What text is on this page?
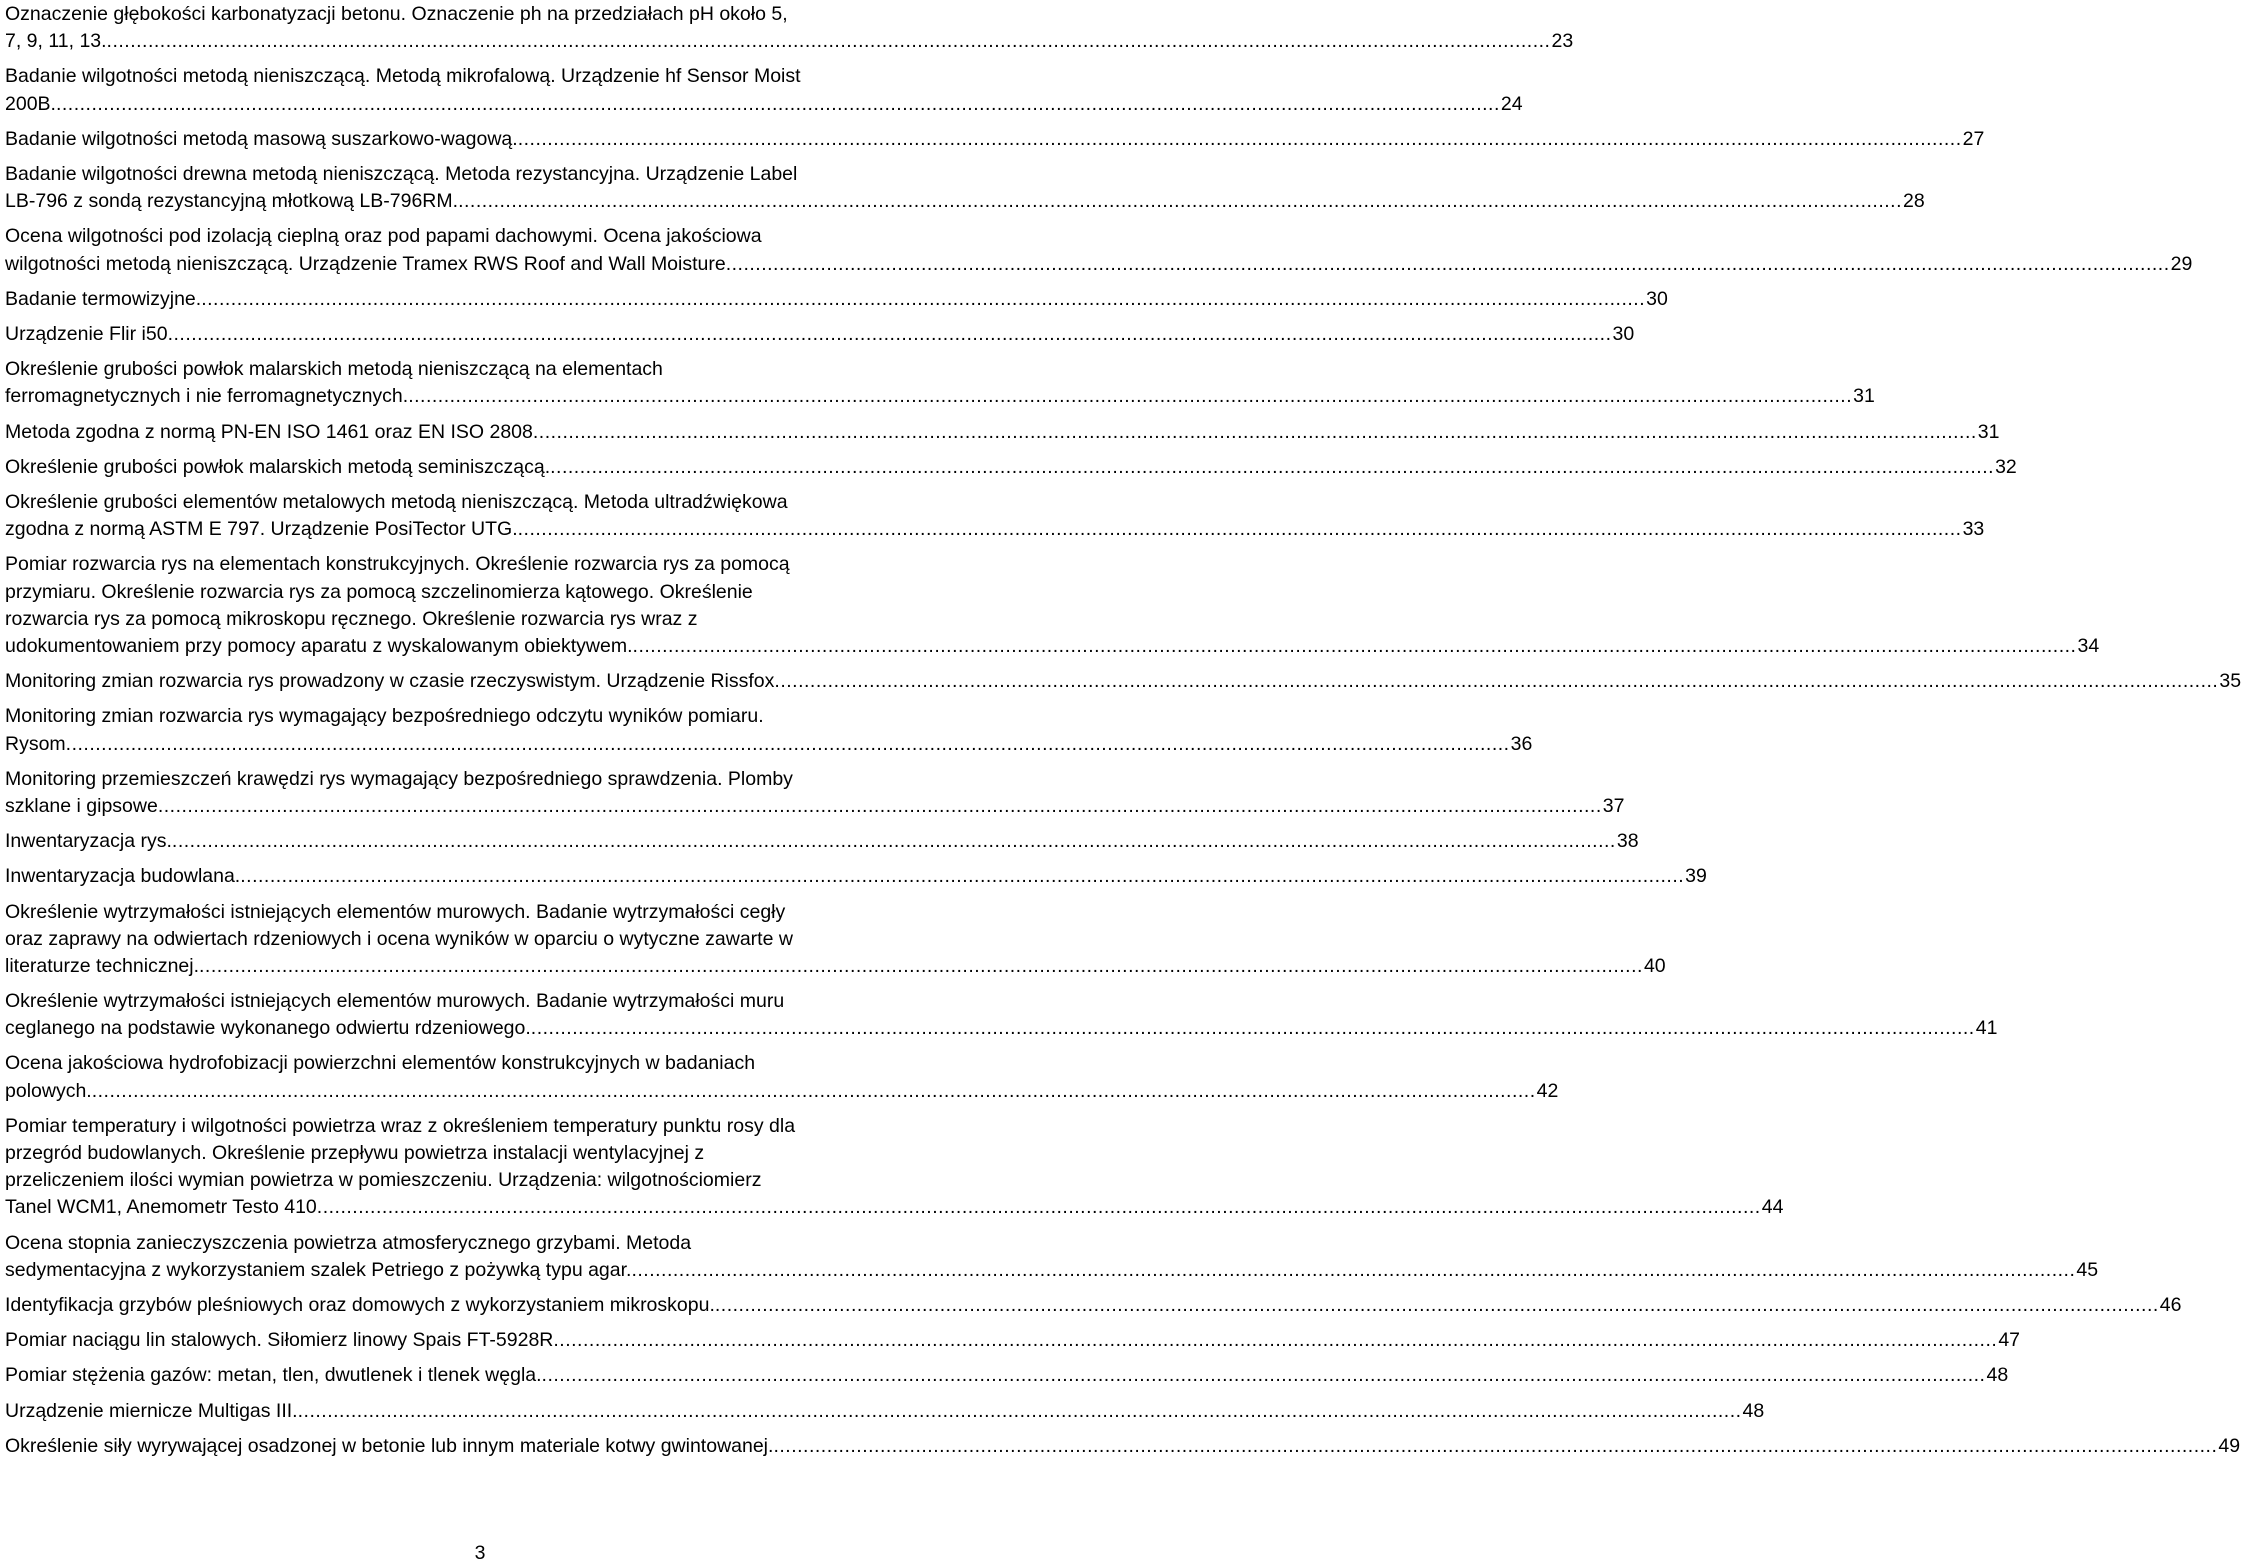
Oznaczenie głębokości karbonatyzacji betonu. Oznaczenie ph na przedziałach pH około 5,
7, 9, 11, 13. .....	23
Badanie wilgotności metodą nieniszczącą. Metodą mikrofalową. Urządzenie hf Sensor Moist
200B. .....	24
Badanie wilgotności metodą masową suszarkowo-wagową. .....	27
Badanie wilgotności drewna metodą nieniszczącą. Metoda rezystancyjna. Urządzenie Label
LB-796 z sondą rezystancyjną młotkową LB-796RM. .....	28
Ocena wilgotności pod izolacją cieplną oraz pod papami dachowymi. Ocena jakościowa
wilgotności metodą nieniszczącą. Urządzenie Tramex RWS Roof and Wall Moisture .....	29
Badanie termowizyjne. .....	30
Urządzenie Flir i50 .....	30
Określenie grubości powłok malarskich metodą nieniszczącą na elementach
ferromagnetycznych i nie ferromagnetycznych. .....	31
Metoda zgodna z normą PN-EN ISO 1461 oraz EN ISO 2808 .....	31
Określenie grubości powłok malarskich metodą seminiszczącą. .....	32
Określenie grubości elementów metalowych metodą nieniszczącą. Metoda ultradźwiękowa
zgodna z normą ASTM E 797. Urządzenie PosiTector UTG. .....	33
Pomiar rozwarcia rys na elementach konstrukcyjnych. Określenie rozwarcia rys za pomocą
przymiaru. Określenie rozwarcia rys za pomocą szczelinomierza kątowego. Określenie
rozwarcia rys za pomocą mikroskopu ręcznego. Określenie rozwarcia rys wraz z
udokumentowaniem przy pomocy aparatu z wyskalowanym obiektywem. .....	34
Monitoring zmian rozwarcia rys prowadzony w czasie rzeczyswistym. Urządzenie Rissfox .....	35
Monitoring zmian rozwarcia rys wymagający bezpośredniego odczytu wyników pomiaru.
Rysom .....	36
Monitoring przemieszczeń krawędzi rys wymagający bezpośredniego sprawdzenia. Plomby
szklane i gipsowe .....	37
Inwentaryzacja rys. .....	38
Inwentaryzacja budowlana. .....	39
Określenie wytrzymałości istniejących elementów murowych. Badanie wytrzymałości cegły
oraz zaprawy na odwiertach rdzeniowych i ocena wyników w oparciu o wytyczne zawarte w
literaturze technicznej. .....	40
Określenie wytrzymałości istniejących elementów murowych. Badanie wytrzymałości muru
ceglanego na podstawie wykonanego odwiertu rdzeniowego. .....	41
Ocena jakościowa hydrofobizacji powierzchni elementów konstrukcyjnych w badaniach
polowych. .....	42
Pomiar temperatury i wilgotności powietrza wraz z określeniem temperatury punktu rosy dla
przegród budowlanych. Określenie przepływu powietrza instalacji wentylacyjnej z
przeliczeniem ilości wymian powietrza w pomieszczeniu. Urządzenia: wilgotnościomierz
Tanel WCM1, Anemometr Testo 410 .....	44
Ocena stopnia zanieczyszczenia powietrza atmosferycznego grzybami. Metoda
sedymentacyjna z wykorzystaniem szalek Petriego z pożywką typu agar. .....	45
Identyfikacja grzybów pleśniowych oraz domowych z wykorzystaniem mikroskopu. .....	46
Pomiar naciągu lin stalowych. Siłomierz linowy Spais FT-5928R .....	47
Pomiar stężenia gazów: metan, tlen, dwutlenek i tlenek węgla. .....	48
Urządzenie miernicze Multigas III. .....	48
Określenie siły wyrywającej osadzonej w betonie lub innym materiale kotwy gwintowanej. .....	49
3
